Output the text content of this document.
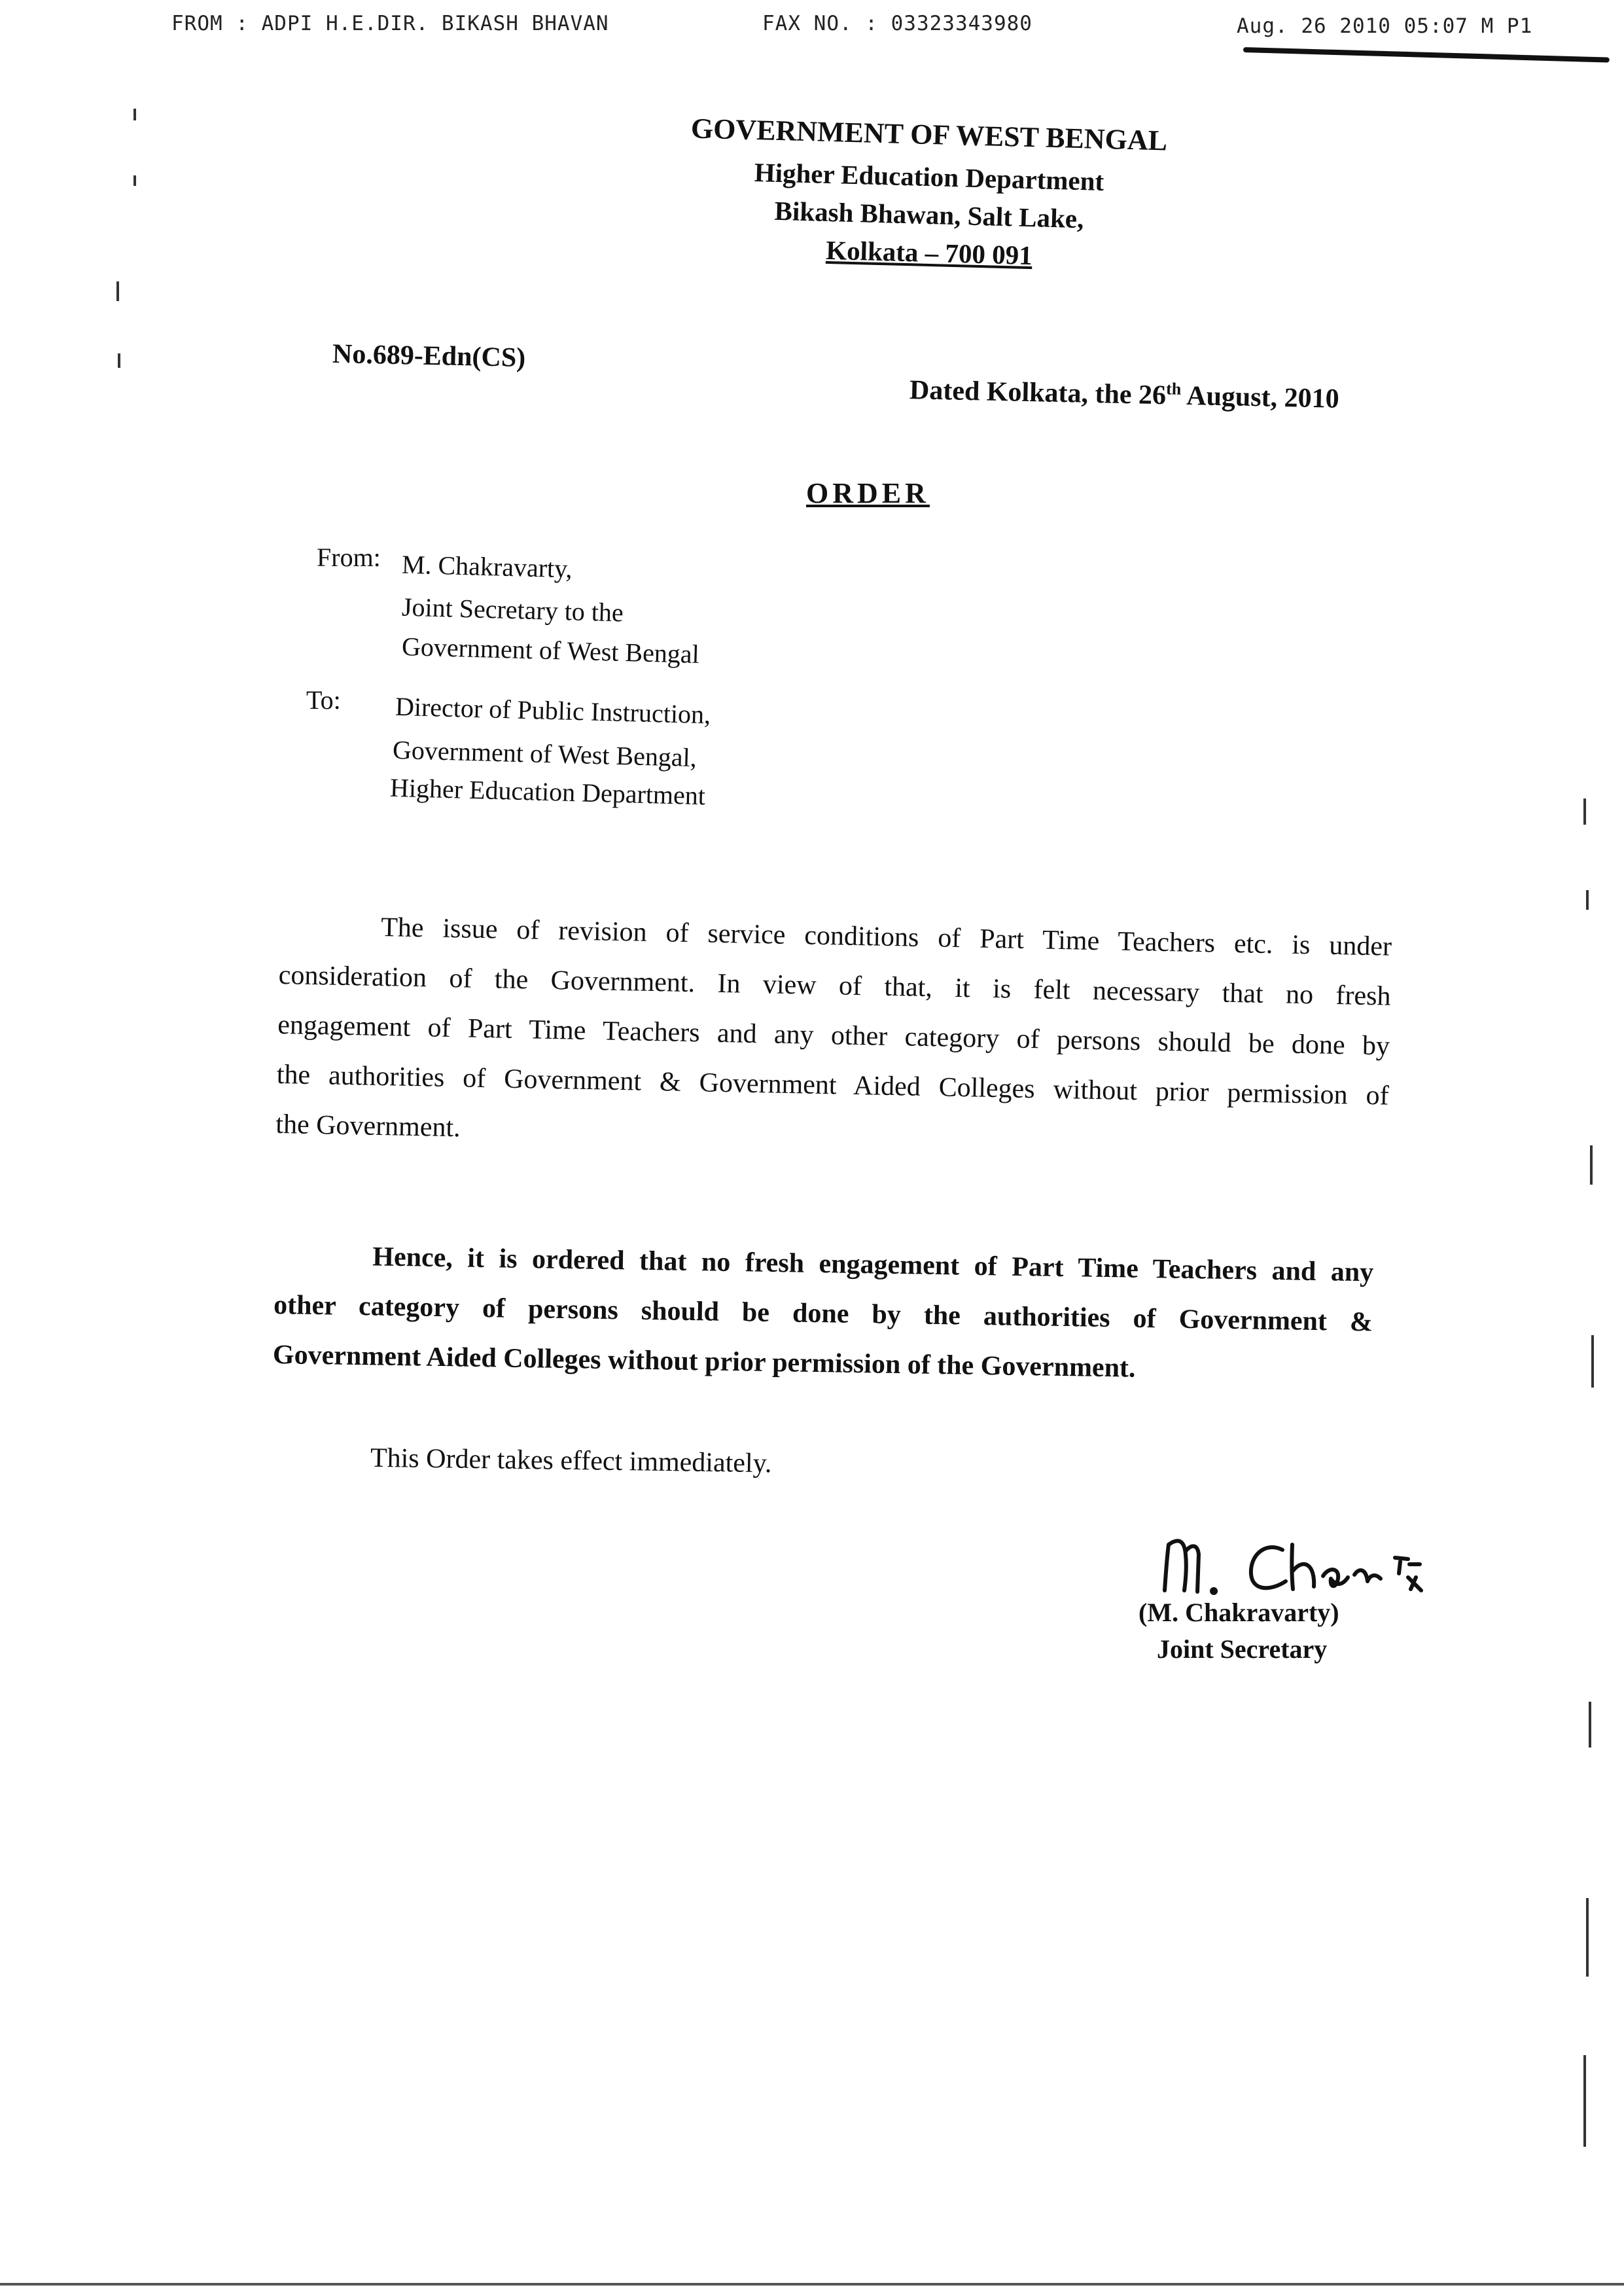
FROM : ADPI H.E.DIR. BIKASH BHAVAN	FAX NO. : 03323343980	Aug. 26 2010 05:07 M P1
GOVERNMENT OF WEST BENGAL
Higher Education Department
Bikash Bhawan, Salt Lake,
Kolkata – 700 091
No.689-Edn(CS)
Dated Kolkata, the 26th August, 2010
ORDER
From: M. Chakravarty,
Joint Secretary to the
Government of West Bengal
To: Director of Public Instruction,
Government of West Bengal,
Higher Education Department
The issue of revision of service conditions of Part Time Teachers etc. is under
consideration of the Government. In view of that, it is felt necessary that no fresh
engagement of Part Time Teachers and any other category of persons should be done by
the authorities of Government & Government Aided Colleges without prior permission of
the Government.
Hence, it is ordered that no fresh engagement of Part Time Teachers and any
other category of persons should be done by the authorities of Government &
Government Aided Colleges without prior permission of the Government.
This Order takes effect immediately.
(M. Chakravarty)
Joint Secretary
